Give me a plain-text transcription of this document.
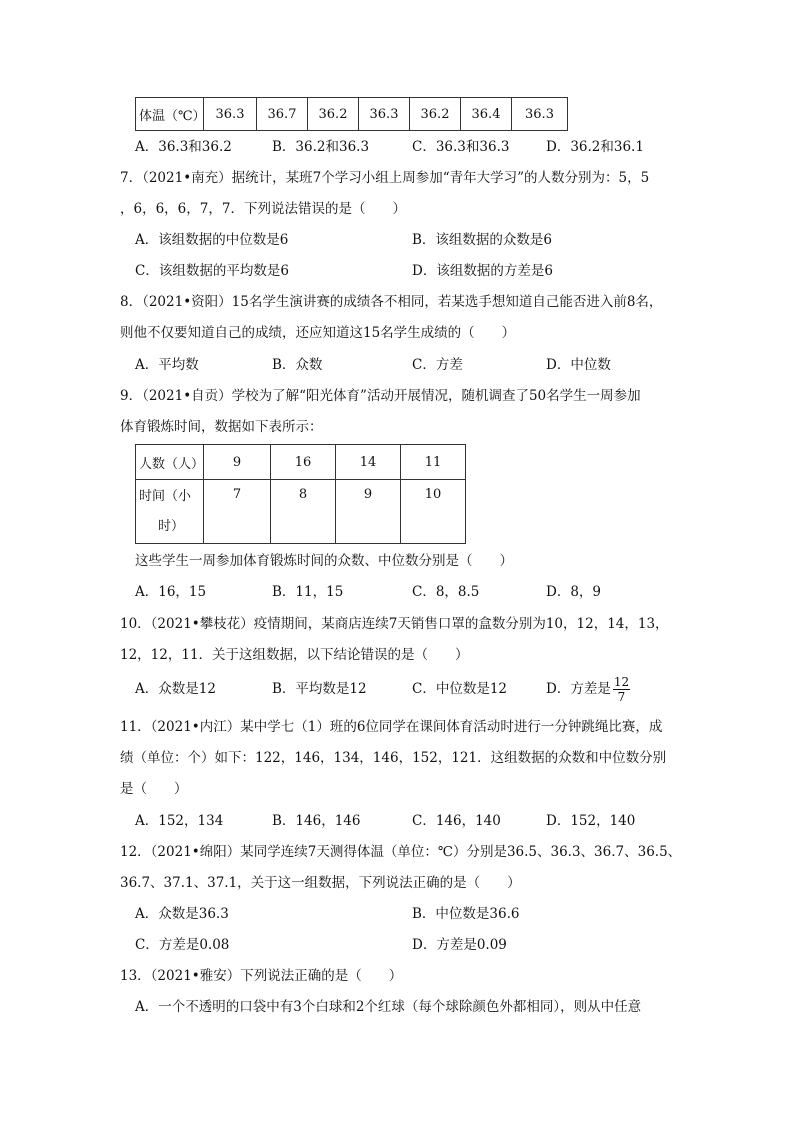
体温（℃）	36.3	36.7	36.2	36.3	36.2	36.4	36.3
A．36.3和36.2	B．36.2和36.3	C．36.3和36.3	D．36.2和36.1
7．（2021•南充）据统计，某班7个学习小组上周参加“青年大学习”的人数分别为：5，5
，6，6，6，7，7．下列说法错误的是（　　）
A．该组数据的中位数是6	B．该组数据的众数是6
C．该组数据的平均数是6	D．该组数据的方差是6
8．（2021•资阳）15名学生演讲赛的成绩各不相同，若某选手想知道自己能否进入前8名，
则他不仅要知道自己的成绩，还应知道这15名学生成绩的（　　）
A．平均数	B．众数	C．方差	D．中位数
9．（2021•自贡）学校为了解“阳光体育”活动开展情况，随机调查了50名学生一周参加
体育锻炼时间，数据如下表所示：
人数（人）	9	16	14	11

时间（小
时）	7	8	9	10
这些学生一周参加体育锻炼时间的众数、中位数分别是（　　）
A．16，15	B．11，15	C．8，8.5	D．8，9
10．（2021•攀枝花）疫情期间，某商店连续7天销售口罩的盒数分别为10，12，14，13，
12，12，11．关于这组数据，以下结论错误的是（　　）
A．众数是12	B．平均数是12	C．中位数是12	D．方差是 $\frac{12}{7}$
11．（2021•内江）某中学七（1）班的6位同学在课间体育活动时进行一分钟跳绳比赛，成
绩（单位：个）如下：122，146，134，146，152，121．这组数据的众数和中位数分别
是（　　）
A．152，134	B．146，146	C．146，140	D．152，140
12．（2021•绵阳）某同学连续7天测得体温（单位：℃）分别是36.5、36.3、36.7、36.5、
36.7、37.1、37.1，关于这一组数据，下列说法正确的是（　　）
A．众数是36.3	B．中位数是36.6
C．方差是0.08	D．方差是0.09
13．（2021•雅安）下列说法正确的是（　　）
A．一个不透明的口袋中有3个白球和2个红球（每个球除颜色外都相同），则从中任意
